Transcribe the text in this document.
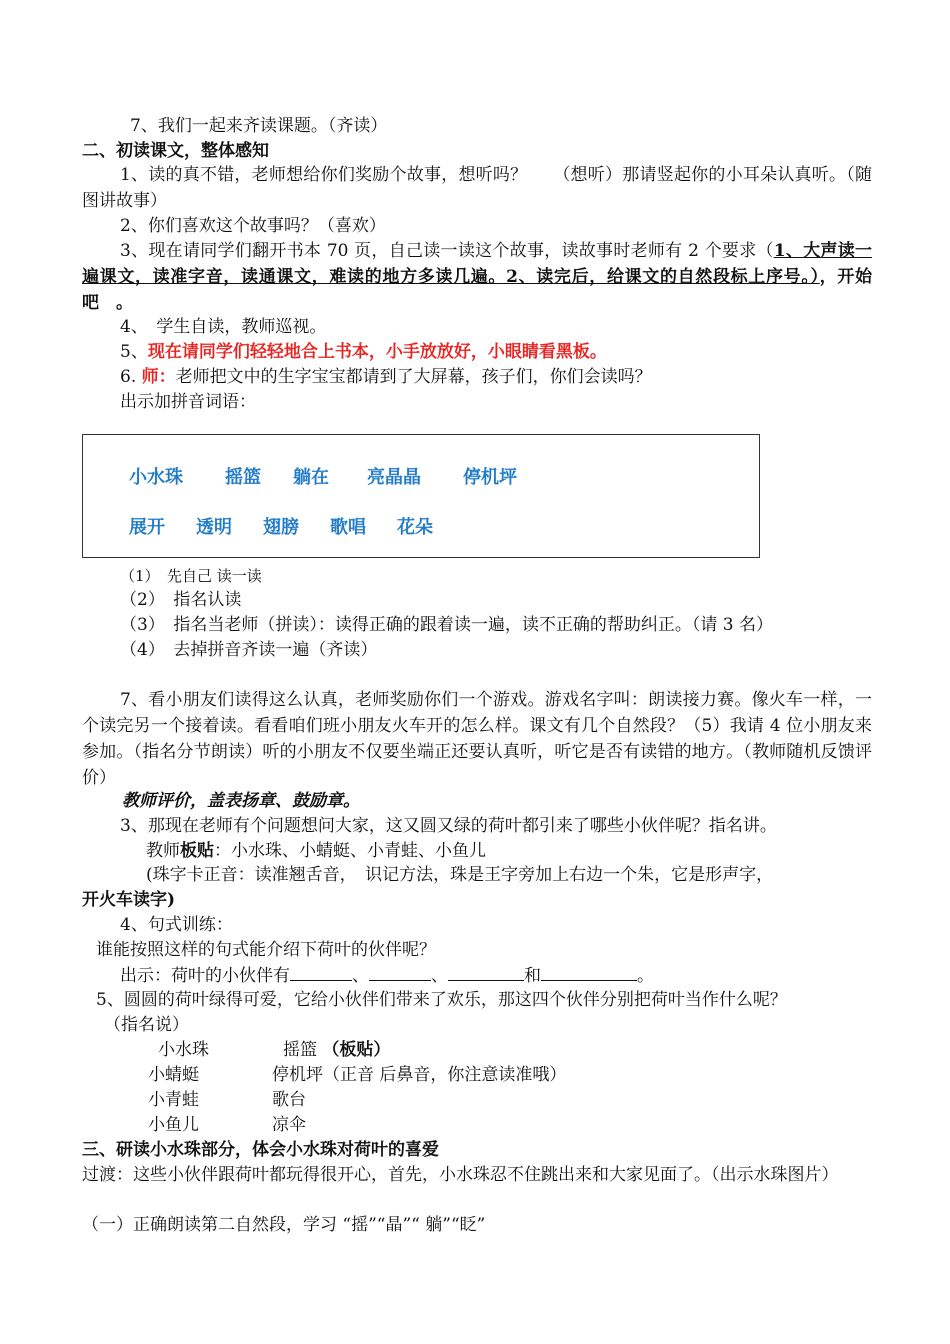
7、我们一起来齐读课题。（齐读）
二、初读课文，整体感知
1、读的真不错，老师想给你们奖励个故事，想听吗？　　（想听）那请竖起你的小耳朵认真听。（随图讲故事）
2、你们喜欢这个故事吗？（喜欢）
3、现在请同学们翻开书本 70 页，自己读一读这个故事，读故事时老师有 2 个要求（1、大声读一遍课文，读准字音，读通课文，难读的地方多读几遍。2、读完后，给课文的自然段标上序号。），开始吧　。
4、　学生自读，教师巡视。
5、现在请同学们轻轻地合上书本，小手放放好，小眼睛看黑板。
6. 师：老师把文中的生字宝宝都请到了大屏幕，孩子们，你们会读吗？
出示加拼音词语：
小水珠 摇篮 躺在 亮晶晶 停机坪
展开 透明 翅膀 歌唱 花朵
（1）　先自己 读一读
（2）　指名认读
（3）　指名当老师（拼读）：读得正确的跟着读一遍，读不正确的帮助纠正。（请 3 名）
（4）　去掉拼音齐读一遍（齐读）
7、看小朋友们读得这么认真，老师奖励你们一个游戏。游戏名字叫：朗读接力赛。像火车一样，一个读完另一个接着读。看看咱们班小朋友火车开的怎么样。课文有几个自然段？（5）我请 4 位小朋友来参加。（指名分节朗读）听的小朋友不仅要坐端正还要认真听，听它是否有读错的地方。（教师随机反馈评价）
教师评价，盖表扬章、鼓励章。
3、那现在老师有个问题想问大家，这又圆又绿的荷叶都引来了哪些小伙伴呢？指名讲。
教师板贴：小水珠、小蜻蜓、小青蛙、小鱼儿
(珠字卡正音：读准翘舌音，　识记方法，珠是王字旁加上右边一个朱，它是形声字，
开火车读字)
4、句式训练：
谁能按照这样的句式能介绍下荷叶的伙伴呢？
出示：荷叶的小伙伴有	、	、	和	。
5、圆圆的荷叶绿得可爱，它给小伙伴们带来了欢乐，那这四个伙伴分别把荷叶当作什么呢？
（指名说）
小水珠	摇篮 （板贴）
小蜻蜓	停机坪（正音 后鼻音，你注意读准哦）
小青蛙	歌台
小鱼儿	凉伞
三、研读小水珠部分，体会小水珠对荷叶的喜爱
过渡：这些小伙伴跟荷叶都玩得很开心，首先，小水珠忍不住跳出来和大家见面了。（出示水珠图片）
（一）正确朗读第二自然段，学习 “摇”“晶”“ 躺”“眨”
